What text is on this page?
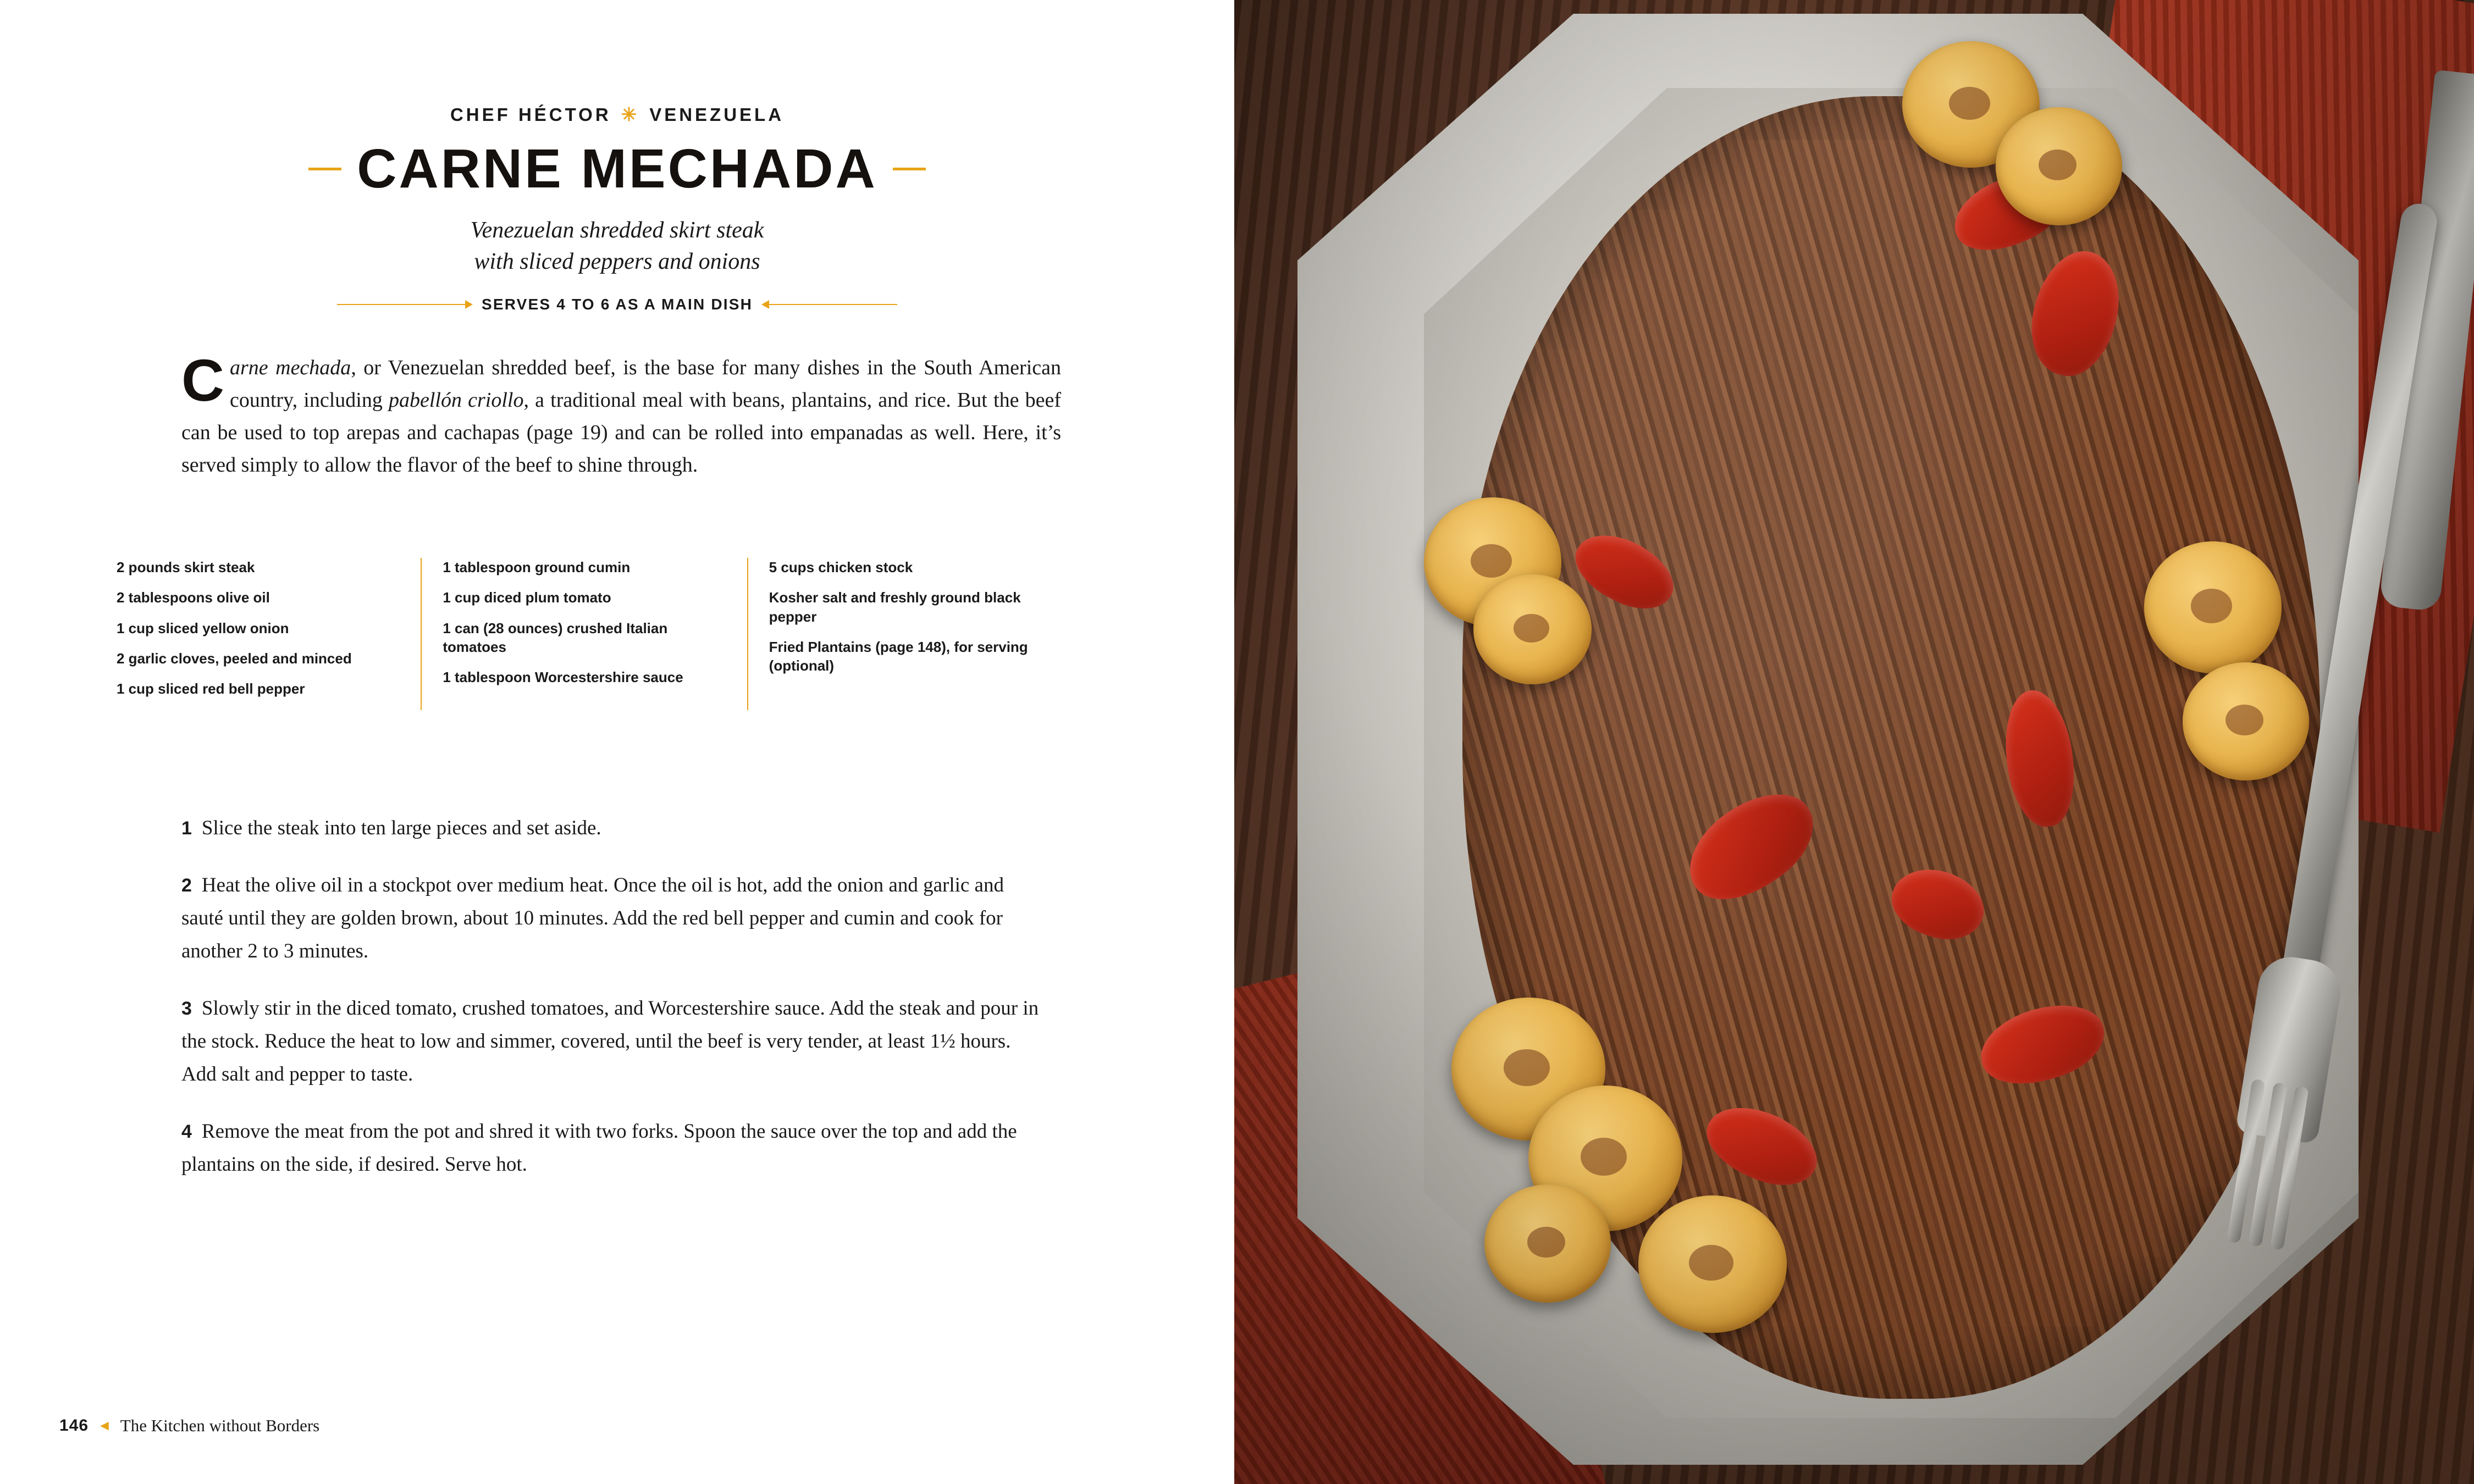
CHEF HÉCTOR ✳ VENEZUELA
CARNE MECHADA
Venezuelan shredded skirt steak
with sliced peppers and onions
SERVES 4 TO 6 AS A MAIN DISH
Carne mechada, or Venezuelan shredded beef, is the base for many dishes in the South American country, including pabellón criollo, a traditional meal with beans, plantains, and rice. But the beef can be used to top arepas and cachapas (page 19) and can be rolled into empanadas as well. Here, it’s served simply to allow the flavor of the beef to shine through.
2 pounds skirt steak
2 tablespoons olive oil
1 cup sliced yellow onion
2 garlic cloves, peeled and minced
1 cup sliced red bell pepper
1 tablespoon ground cumin
1 cup diced plum tomato
1 can (28 ounces) crushed Italian tomatoes
1 tablespoon Worcestershire sauce
5 cups chicken stock
Kosher salt and freshly ground black pepper
Fried Plantains (page 148), for serving (optional)

1 Slice the steak into ten large pieces and set aside.

2 Heat the olive oil in a stockpot over medium heat. Once the oil is hot, add the onion and garlic and sauté until they are golden brown, about 10 minutes. Add the red bell pepper and cumin and cook for another 2 to 3 minutes.

3 Slowly stir in the diced tomato, crushed tomatoes, and Worcestershire sauce. Add the steak and pour in the stock. Reduce the heat to low and simmer, covered, until the beef is very tender, at least 1½ hours. Add salt and pepper to taste.

4 Remove the meat from the pot and shred it with two forks. Spoon the sauce over the top and add the plantains on the side, if desired. Serve hot.

146 ◄ The Kitchen without Borders
